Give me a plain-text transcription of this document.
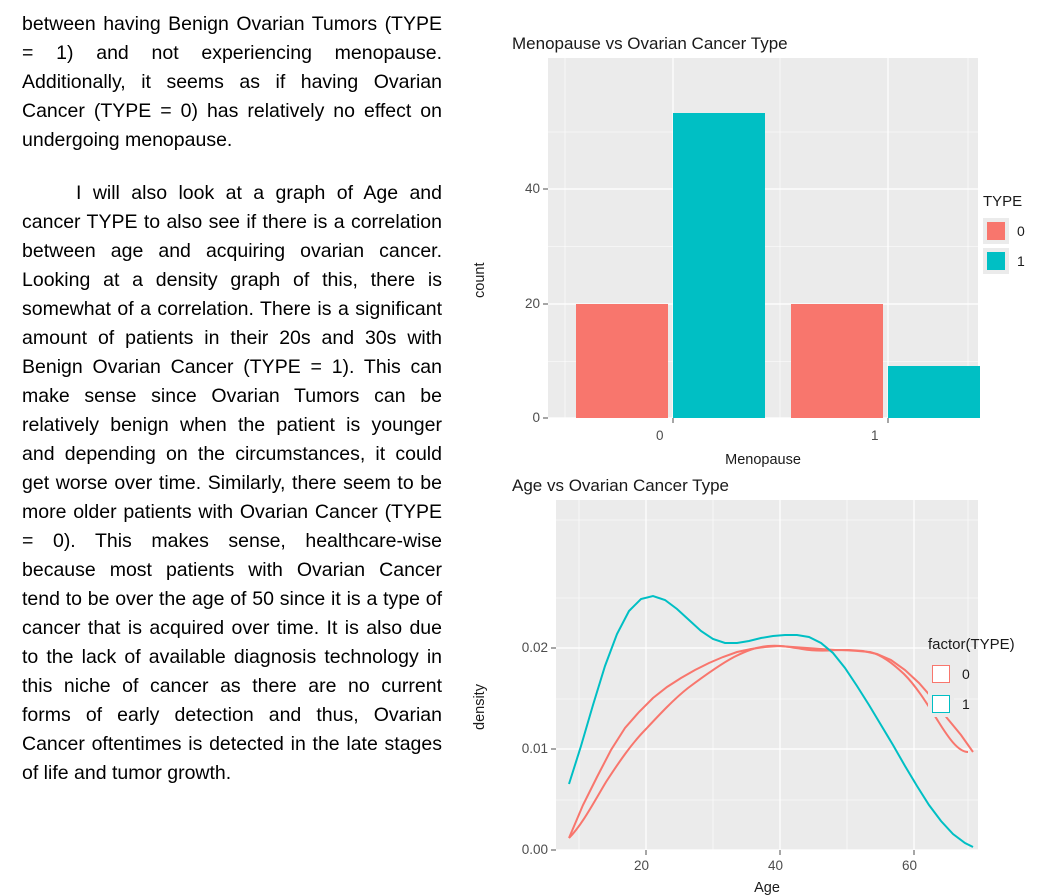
between having Benign Ovarian Tumors (TYPE = 1) and not experiencing menopause. Additionally, it seems as if having Ovarian Cancer (TYPE = 0) has relatively no effect on undergoing menopause.

I will also look at a graph of Age and cancer TYPE to also see if there is a correlation between age and acquiring ovarian cancer. Looking at a density graph of this, there is somewhat of a correlation. There is a significant amount of patients in their 20s and 30s with Benign Ovarian Cancer (TYPE = 1). This can make sense since Ovarian Tumors can be relatively benign when the patient is younger and depending on the circumstances, it could get worse over time. Similarly, there seem to be more older patients with Ovarian Cancer (TYPE = 0). This makes sense, healthcare-wise because most patients with Ovarian Cancer tend to be over the age of 50 since it is a type of cancer that is acquired over time. It is also due to the lack of available diagnosis technology in this niche of cancer as there are no current forms of early detection and thus, Ovarian Cancer oftentimes is detected in the late stages of life and tumor growth.

Menopause vs Ovarian Cancer Type
count
40
20
0
0	1
Menopause
TYPE
0
1
Age vs Ovarian Cancer Type
density
0.02
0.01
0.00
20	40	60
Age
factor(TYPE)
0
1
